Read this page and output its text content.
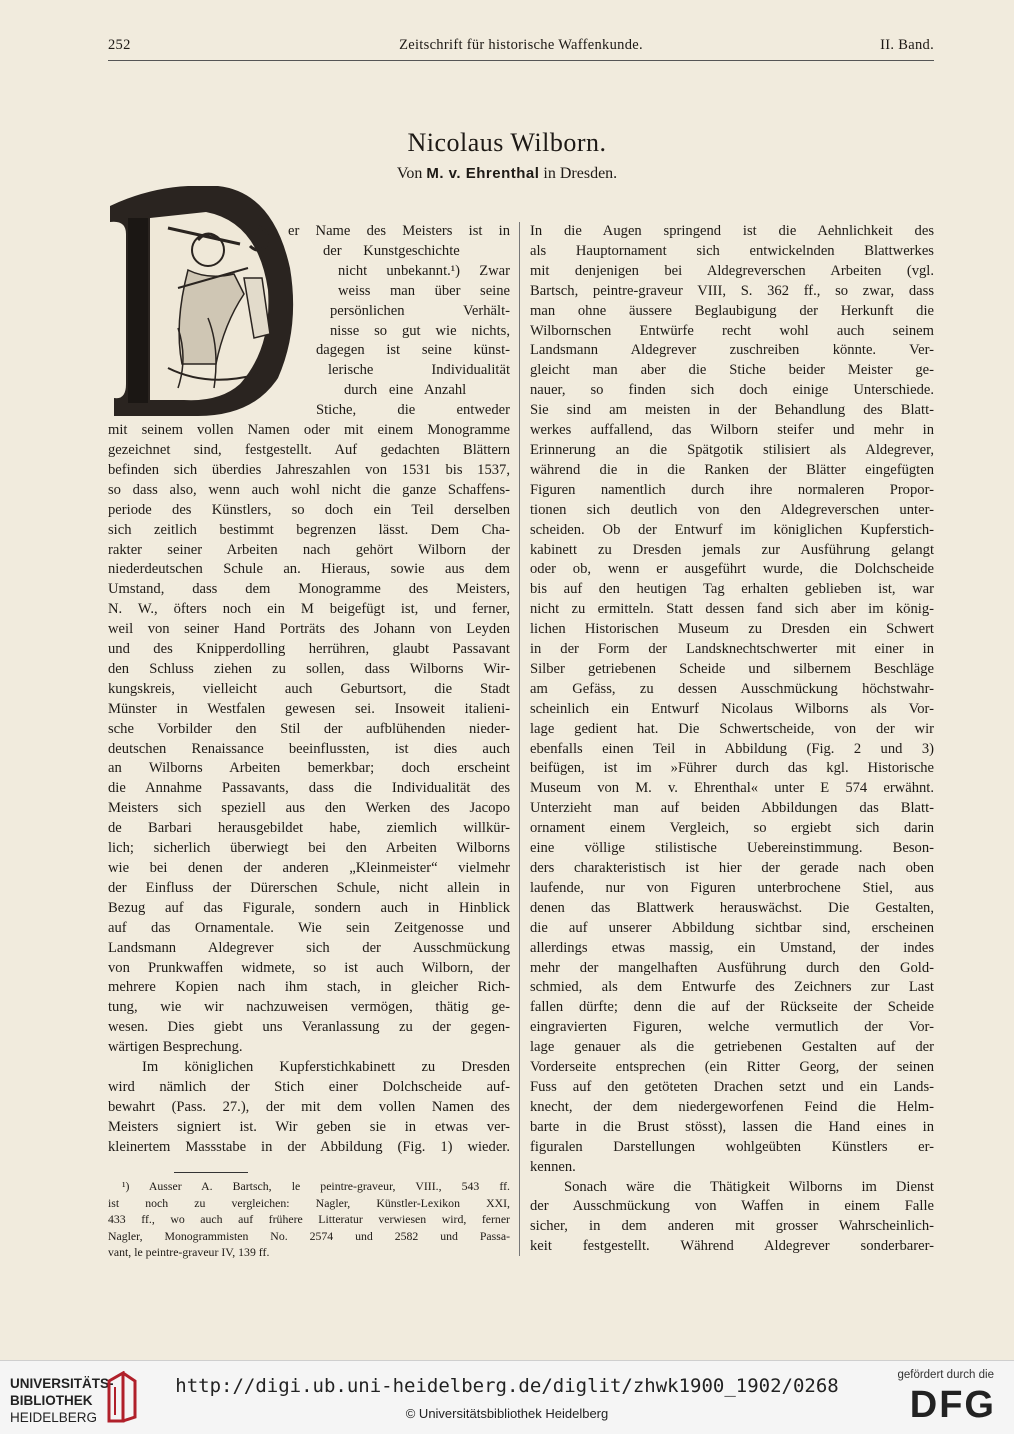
252	Zeitschrift für historische Waffenkunde.	II. Band.
Nicolaus Wilborn.
Von M. v. Ehrenthal in Dresden.
er Name des Meisters ist in
der Kunstgeschichte
nicht unbekannt.¹) Zwar
weiss man über seine
persönlichen Verhält-
nisse so gut wie nichts,
dagegen ist seine künst-
lerische Individualität
durch eine Anzahl
Stiche, die entweder
mit seinem vollen Namen oder mit einem Monogramme
gezeichnet sind, festgestellt. Auf gedachten Blättern
befinden sich überdies Jahreszahlen von 1531 bis 1537,
so dass also, wenn auch wohl nicht die ganze Schaffens-
periode des Künstlers, so doch ein Teil derselben
sich zeitlich bestimmt begrenzen lässt. Dem Cha-
rakter seiner Arbeiten nach gehört Wilborn der
niederdeutschen Schule an. Hieraus, sowie aus dem
Umstand, dass dem Monogramme des Meisters,
N. W., öfters noch ein M beigefügt ist, und ferner,
weil von seiner Hand Porträts des Johann von Leyden
und des Knipperdolling herrühren, glaubt Passavant
den Schluss ziehen zu sollen, dass Wilborns Wir-
kungskreis, vielleicht auch Geburtsort, die Stadt
Münster in Westfalen gewesen sei. Insoweit italieni-
sche Vorbilder den Stil der aufblühenden nieder-
deutschen Renaissance beeinflussten, ist dies auch
an Wilborns Arbeiten bemerkbar; doch erscheint
die Annahme Passavants, dass die Individualität des
Meisters sich speziell aus den Werken des Jacopo
de Barbari herausgebildet habe, ziemlich willkür-
lich; sicherlich überwiegt bei den Arbeiten Wilborns
wie bei denen der anderen „Kleinmeister“ vielmehr
der Einfluss der Dürerschen Schule, nicht allein in
Bezug auf das Figurale, sondern auch in Hinblick
auf das Ornamentale. Wie sein Zeitgenosse und
Landsmann Aldegrever sich der Ausschmückung
von Prunkwaffen widmete, so ist auch Wilborn, der
mehrere Kopien nach ihm stach, in gleicher Rich-
tung, wie wir nachzuweisen vermögen, thätig ge-
wesen. Dies giebt uns Veranlassung zu der gegen-
wärtigen Besprechung.
Im königlichen Kupferstichkabinett zu Dresden
wird nämlich der Stich einer Dolchscheide auf-
bewahrt (Pass. 27.), der mit dem vollen Namen des
Meisters signiert ist. Wir geben sie in etwas ver-
kleinertem Massstabe in der Abbildung (Fig. 1) wieder.
In die Augen springend ist die Aehnlichkeit des
als Hauptornament sich entwickelnden Blattwerkes
mit denjenigen bei Aldegreverschen Arbeiten (vgl.
Bartsch, peintre-graveur VIII, S. 362 ff., so zwar, dass
man ohne äussere Beglaubigung der Herkunft die
Wilbornschen Entwürfe recht wohl auch seinem
Landsmann Aldegrever zuschreiben könnte. Ver-
gleicht man aber die Stiche beider Meister ge-
nauer, so finden sich doch einige Unterschiede.
Sie sind am meisten in der Behandlung des Blatt-
werkes auffallend, das Wilborn steifer und mehr in
Erinnerung an die Spätgotik stilisiert als Aldegrever,
während die in die Ranken der Blätter eingefügten
Figuren namentlich durch ihre normaleren Propor-
tionen sich deutlich von den Aldegreverschen unter-
scheiden. Ob der Entwurf im königlichen Kupferstich-
kabinett zu Dresden jemals zur Ausführung gelangt
oder ob, wenn er ausgeführt wurde, die Dolchscheide
bis auf den heutigen Tag erhalten geblieben ist, war
nicht zu ermitteln. Statt dessen fand sich aber im könig-
lichen Historischen Museum zu Dresden ein Schwert
in der Form der Landsknechtschwerter mit einer in
Silber getriebenen Scheide und silbernem Beschläge
am Gefäss, zu dessen Ausschmückung höchstwahr-
scheinlich ein Entwurf Nicolaus Wilborns als Vor-
lage gedient hat. Die Schwertscheide, von der wir
ebenfalls einen Teil in Abbildung (Fig. 2 und 3)
beifügen, ist im »Führer durch das kgl. Historische
Museum von M. v. Ehrenthal« unter E 574 erwähnt.
Unterzieht man auf beiden Abbildungen das Blatt-
ornament einem Vergleich, so ergiebt sich darin
eine völlige stilistische Uebereinstimmung. Beson-
ders charakteristisch ist hier der gerade nach oben
laufende, nur von Figuren unterbrochene Stiel, aus
denen das Blattwerk herauswächst. Die Gestalten,
die auf unserer Abbildung sichtbar sind, erscheinen
allerdings etwas massig, ein Umstand, der indes
mehr der mangelhaften Ausführung durch den Gold-
schmied, als dem Entwurfe des Zeichners zur Last
fallen dürfte; denn die auf der Rückseite der Scheide
eingravierten Figuren, welche vermutlich der Vor-
lage genauer als die getriebenen Gestalten auf der
Vorderseite entsprechen (ein Ritter Georg, der seinen
Fuss auf den getöteten Drachen setzt und ein Lands-
knecht, der dem niedergeworfenen Feind die Helm-
barte in die Brust stösst), lassen die Hand eines in
figuralen Darstellungen wohlgeübten Künstlers er-
kennen.
Sonach wäre die Thätigkeit Wilborns im Dienst
der Ausschmückung von Waffen in einem Falle
sicher, in dem anderen mit grosser Wahrscheinlich-
keit festgestellt. Während Aldegrever sonderbarer-
¹) Ausser A. Bartsch, le peintre-graveur, VIII., 543 ff.
ist noch zu vergleichen: Nagler, Künstler-Lexikon XXI,
433 ff., wo auch auf frühere Litteratur verwiesen wird, ferner
Nagler, Monogrammisten No. 2574 und 2582 und Passa-
vant, le peintre-graveur IV, 139 ff.
UNIVERSITÄTS-
BIBLIOTHEK
HEIDELBERG
http://digi.ub.uni-heidelberg.de/diglit/zhwk1900_1902/0268
© Universitätsbibliothek Heidelberg
gefördert durch die
DFG
